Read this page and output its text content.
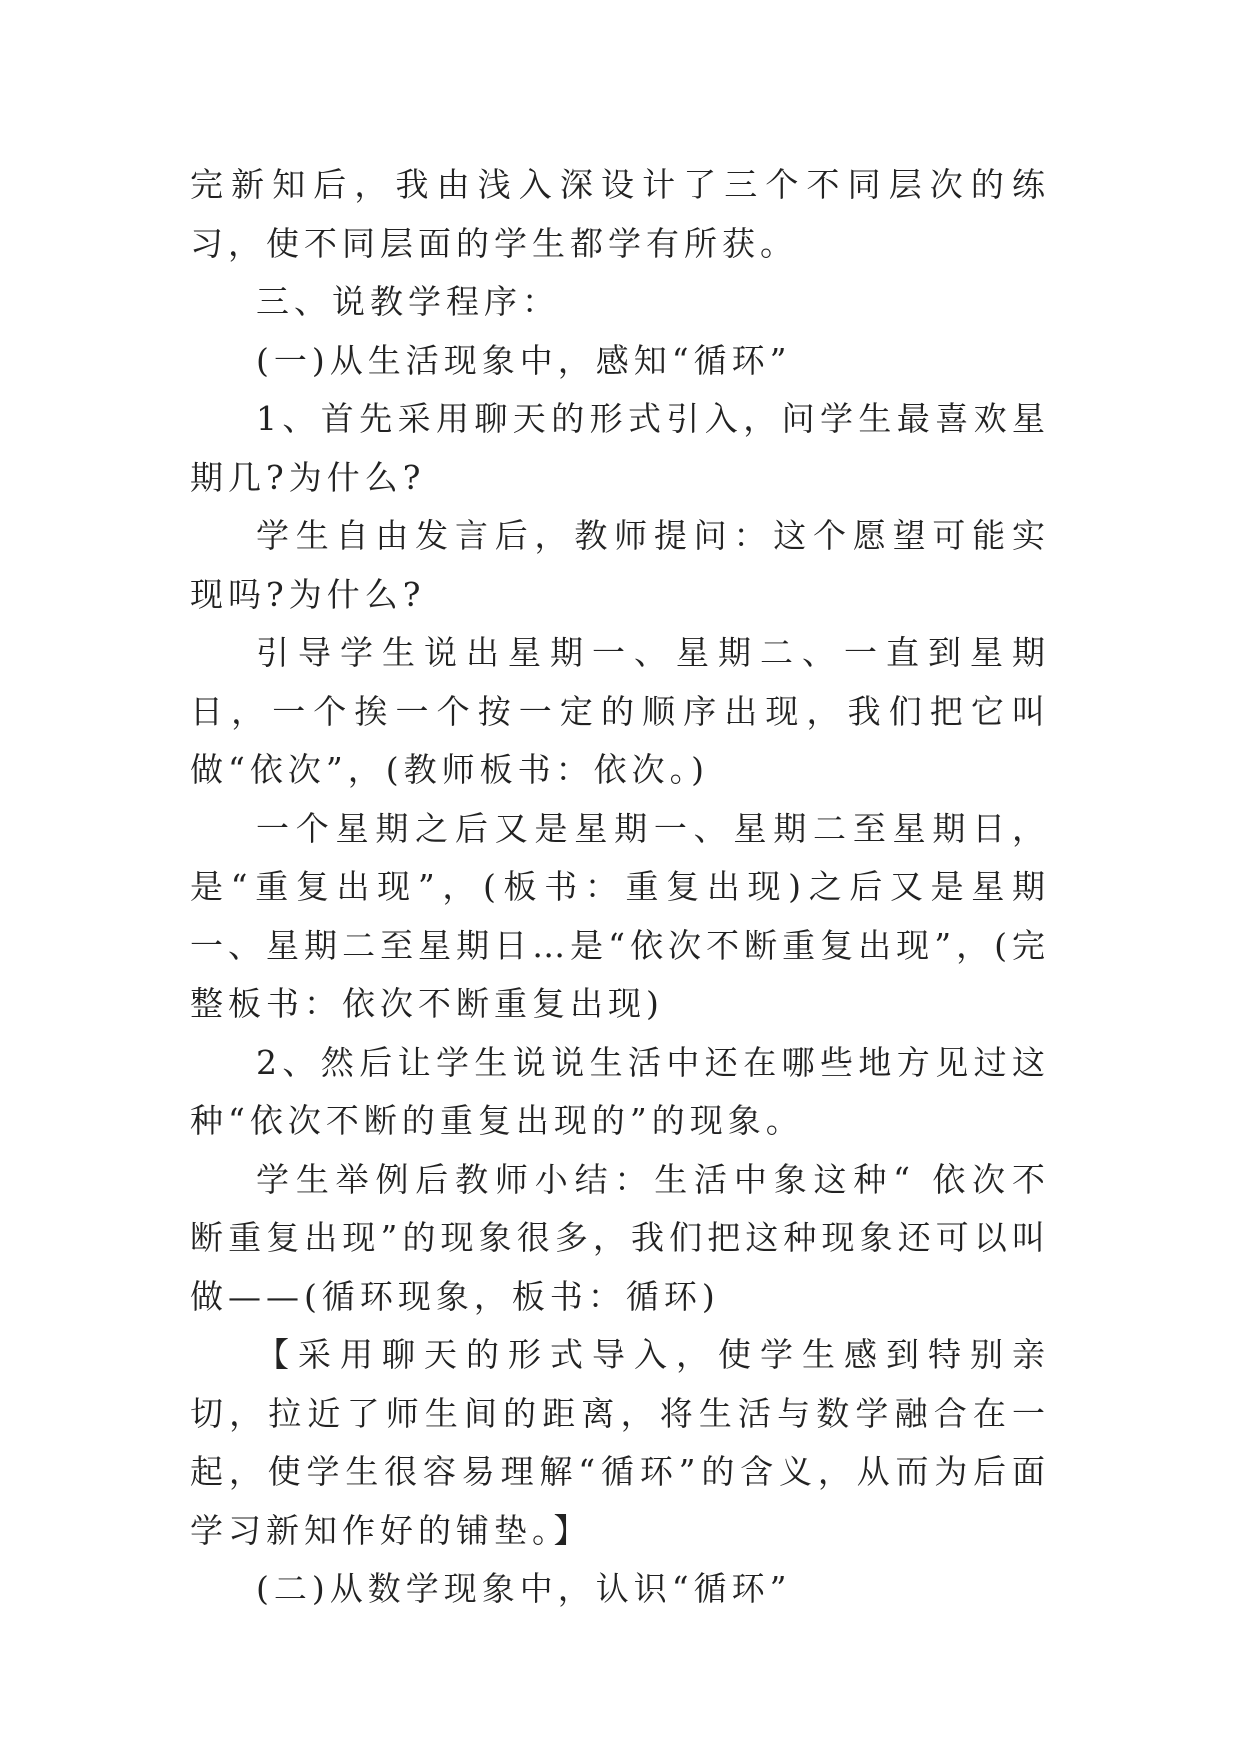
完新知后，我由浅入深设计了三个不同层次的练习，使不同层面的学生都学有所获。

三、说教学程序：

(一)从生活现象中，感知“循环”

1、首先采用聊天的形式引入，问学生最喜欢星期几?为什么?

学生自由发言后，教师提问：这个愿望可能实现吗?为什么?

引导学生说出星期一、星期二、一直到星期日，一个挨一个按一定的顺序出现，我们把它叫做“依次”，(教师板书：依次。)

一个星期之后又是星期一、星期二至星期日，是“重复出现”，(板书：重复出现)之后又是星期一、星期二至星期日…是“依次不断重复出现”，(完整板书：依次不断重复出现)

2、然后让学生说说生活中还在哪些地方见过这种“依次不断的重复出现的”的现象。

学生举例后教师小结：生活中象这种“ 依次不断重复出现”的现象很多，我们把这种现象还可以叫做——(循环现象，板书：循环)

【采用聊天的形式导入，使学生感到特别亲切，拉近了师生间的距离，将生活与数学融合在一起，使学生很容易理解“循环”的含义，从而为后面学习新知作好的铺垫。】

(二)从数学现象中，认识“循环”
